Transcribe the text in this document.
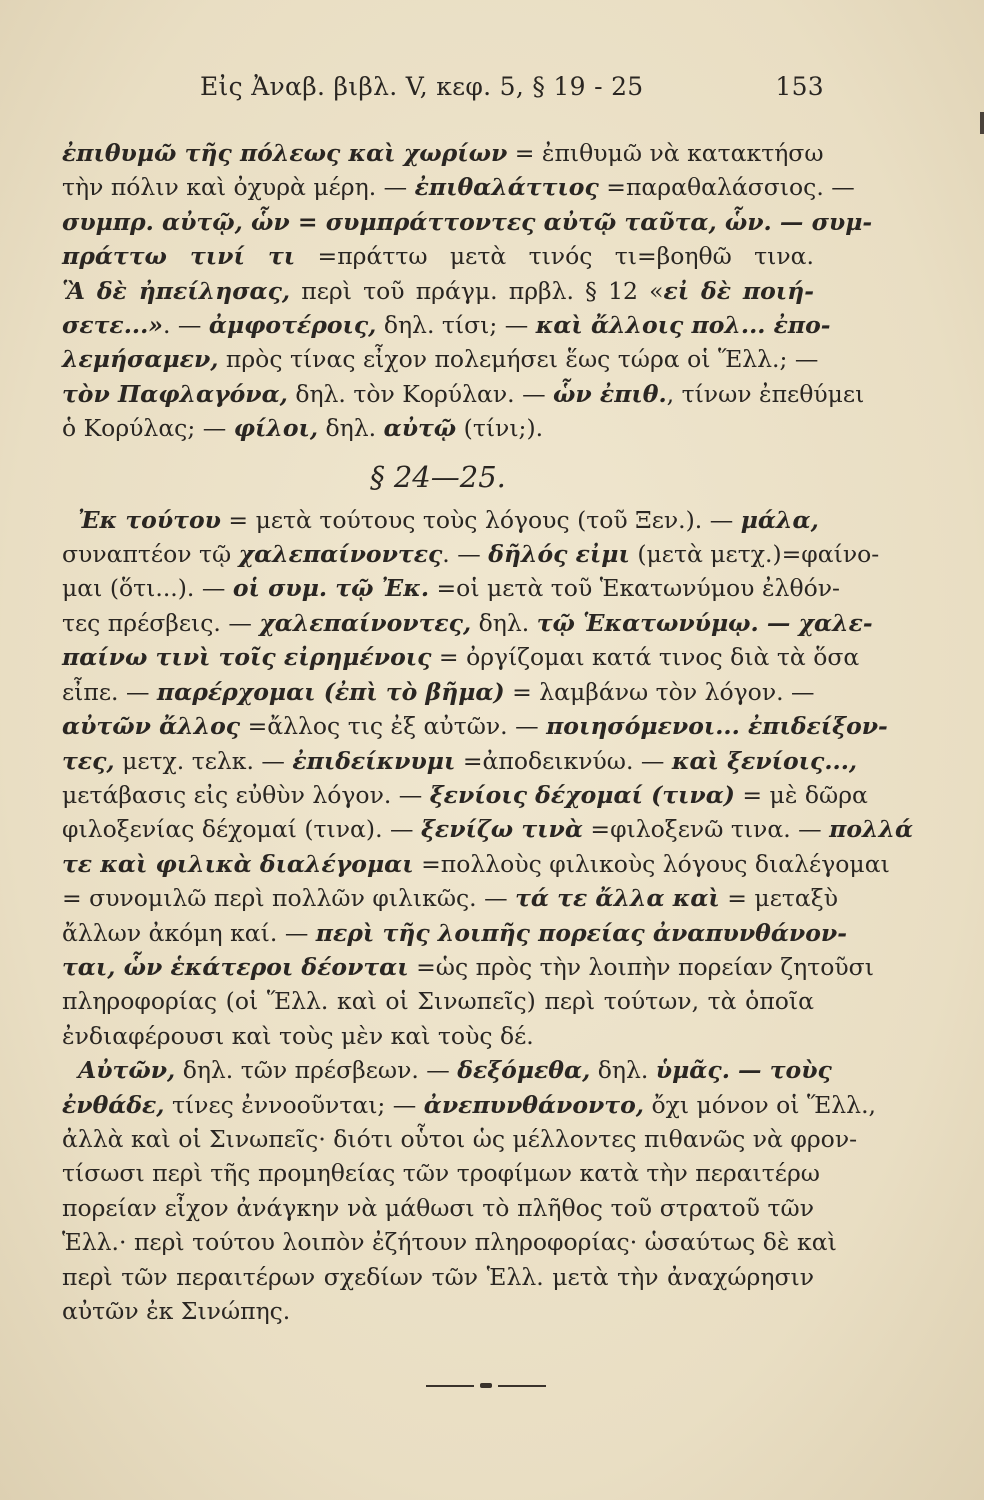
Εἰς Ἀναβ. βιβλ. V, κεφ. 5, § 19 - 25	153
ἐπιθυμῶ τῆς πόλεως καὶ χωρίων = ἐπιθυμῶ νὰ κατακτήσω
τὴν πόλιν καὶ ὀχυρὰ μέρη. — ἐπιθαλάττιος =παραθαλάσσιος. —
συμπρ. αὐτῷ, ὧν = συμπράττοντες αὐτῷ ταῦτα, ὧν. — συμ-
πράττω τινί τι =πράττω μετὰ τινός τι=βοηθῶ τινα.
Ἃ δὲ ἠπείλησας, περὶ τοῦ πράγμ. πρβλ. § 12 «εἰ δὲ ποιή-
σετε...». — ἀμφοτέροις, δηλ. τίσι; — καὶ ἄλλοις πολ... ἐπο-
λεμήσαμεν, πρὸς τίνας εἶχον πολεμήσει ἕως τώρα οἱ Ἕλλ.; —
τὸν Παφλαγόνα, δηλ. τὸν Κορύλαν. — ὧν ἐπιθ., τίνων ἐπεθύμει
ὁ Κορύλας; — φίλοι, δηλ. αὐτῷ (τίνι;).
§ 24—25.
Ἐκ τούτου = μετὰ τούτους τοὺς λόγους (τοῦ Ξεν.). — μάλα,
συναπτέον τῷ χαλεπαίνοντες. — δῆλός εἰμι (μετὰ μετχ.)=φαίνο-
μαι (ὅτι...). — οἱ συμ. τῷ Ἐκ. =οἱ μετὰ τοῦ Ἑκατωνύμου ἐλθόν-
τες πρέσβεις. — χαλεπαίνοντες, δηλ. τῷ Ἑκατωνύμῳ. — χαλε-
παίνω τινὶ τοῖς εἰρημένοις = ὀργίζομαι κατά τινος διὰ τὰ ὅσα
εἶπε. — παρέρχομαι (ἐπὶ τὸ βῆμα) = λαμβάνω τὸν λόγον. —
αὐτῶν ἄλλος =ἄλλος τις ἐξ αὐτῶν. — ποιησόμενοι... ἐπιδείξον-
τες, μετχ. τελκ. — ἐπιδείκνυμι =ἀποδεικνύω. — καὶ ξενίοις...,
μετάβασις εἰς εὐθὺν λόγον. — ξενίοις δέχομαί (τινα) = μὲ δῶρα
φιλοξενίας δέχομαί (τινα). — ξενίζω τινὰ =φιλοξενῶ τινα. — πολλά
τε καὶ φιλικὰ διαλέγομαι =πολλοὺς φιλικοὺς λόγους διαλέγομαι
= συνομιλῶ περὶ πολλῶν φιλικῶς. — τά τε ἄλλα καὶ = μεταξὺ
ἄλλων ἀκόμη καί. — περὶ τῆς λοιπῆς πορείας ἀναπυνθάνον-
ται, ὧν ἑκάτεροι δέονται =ὡς πρὸς τὴν λοιπὴν πορείαν ζητοῦσι
πληροφορίας (οἱ Ἕλλ. καὶ οἱ Σινωπεῖς) περὶ τούτων, τὰ ὁποῖα
ἐνδιαφέρουσι καὶ τοὺς μὲν καὶ τοὺς δέ.
Αὐτῶν, δηλ. τῶν πρέσβεων. — δεξόμεθα, δηλ. ὑμᾶς. — τοὺς
ἐνθάδε, τίνες ἐννοοῦνται; — ἀνεπυνθάνοντο, ὄχι μόνον οἱ Ἕλλ.,
ἀλλὰ καὶ οἱ Σινωπεῖς· διότι οὗτοι ὡς μέλλοντες πιθανῶς νὰ φρον-
τίσωσι περὶ τῆς προμηθείας τῶν τροφίμων κατὰ τὴν περαιτέρω
πορείαν εἶχον ἀνάγκην νὰ μάθωσι τὸ πλῆθος τοῦ στρατοῦ τῶν
Ἑλλ.· περὶ τούτου λοιπὸν ἐζήτουν πληροφορίας· ὡσαύτως δὲ καὶ
περὶ τῶν περαιτέρων σχεδίων τῶν Ἑλλ. μετὰ τὴν ἀναχώρησιν
αὐτῶν ἐκ Σινώπης.
